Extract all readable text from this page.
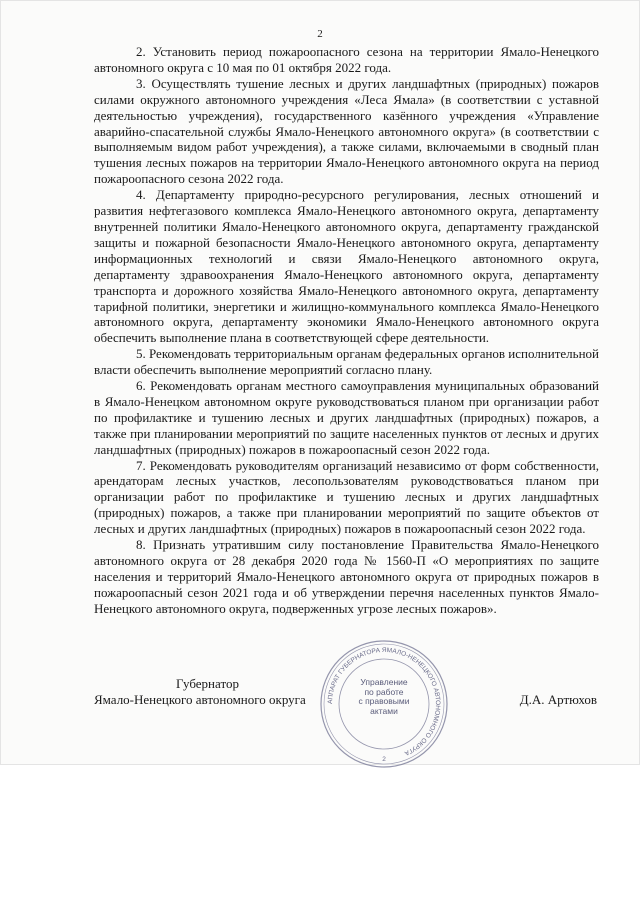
2

2. Установить период пожароопасного сезона на территории Ямало-Ненецкого автономного округа с 10 мая по 01 октября 2022 года.

3. Осуществлять тушение лесных и других ландшафтных (природных) пожаров силами окружного автономного учреждения «Леса Ямала» (в соответствии с уставной деятельностью учреждения), государственного казённого учреждения «Управление аварийно-спасательной службы Ямало-Ненецкого автономного округа» (в соответствии с выполняемым видом работ учреждения), а также силами, включаемыми в сводный план тушения лесных пожаров на территории Ямало-Ненецкого автономного округа на период пожароопасного сезона 2022 года.

4. Департаменту природно-ресурсного регулирования, лесных отношений и развития нефтегазового комплекса Ямало-Ненецкого автономного округа, департаменту внутренней политики Ямало-Ненецкого автономного округа, департаменту гражданской защиты и пожарной безопасности Ямало-Ненецкого автономного округа, департаменту информационных технологий и связи Ямало-Ненецкого автономного округа, департаменту здравоохранения Ямало-Ненецкого автономного округа, департаменту транспорта и дорожного хозяйства Ямало-Ненецкого автономного округа, департаменту тарифной политики, энергетики и жилищно-коммунального комплекса Ямало-Ненецкого автономного округа, департаменту экономики Ямало-Ненецкого автономного округа обеспечить выполнение плана в соответствующей сфере деятельности.

5. Рекомендовать территориальным органам федеральных органов исполнительной власти обеспечить выполнение мероприятий согласно плану.

6. Рекомендовать органам местного самоуправления муниципальных образований в Ямало-Ненецком автономном округе руководствоваться планом при организации работ по профилактике и тушению лесных и других ландшафтных (природных) пожаров, а также при планировании мероприятий по защите населенных пунктов от лесных и других ландшафтных (природных) пожаров в пожароопасный сезон 2022 года.

7. Рекомендовать руководителям организаций независимо от форм собственности, арендаторам лесных участков, лесопользователям руководствоваться планом при организации работ по профилактике и тушению лесных и других ландшафтных (природных) пожаров, а также при планировании мероприятий по защите объектов от лесных и других ландшафтных (природных) пожаров в пожароопасный сезон 2022 года.

8. Признать утратившим силу постановление Правительства Ямало-Ненецкого автономного округа от 28 декабря 2020 года № 1560-П «О мероприятиях по защите населения и территорий Ямало-Ненецкого автономного округа от природных пожаров в пожароопасный сезон 2021 года и об утверждении перечня населенных пунктов Ямало-Ненецкого автономного округа, подверженных угрозе лесных пожаров».

АППАРАТ ГУБЕРНАТОРА ЯМАЛО-НЕНЕЦКОГО АВТОНОМНОГО ОКРУГА
2
Управление
по работе
с правовыми
актами
Губернатор
Ямало-Ненецкого автономного округа	Д.А. Артюхов
